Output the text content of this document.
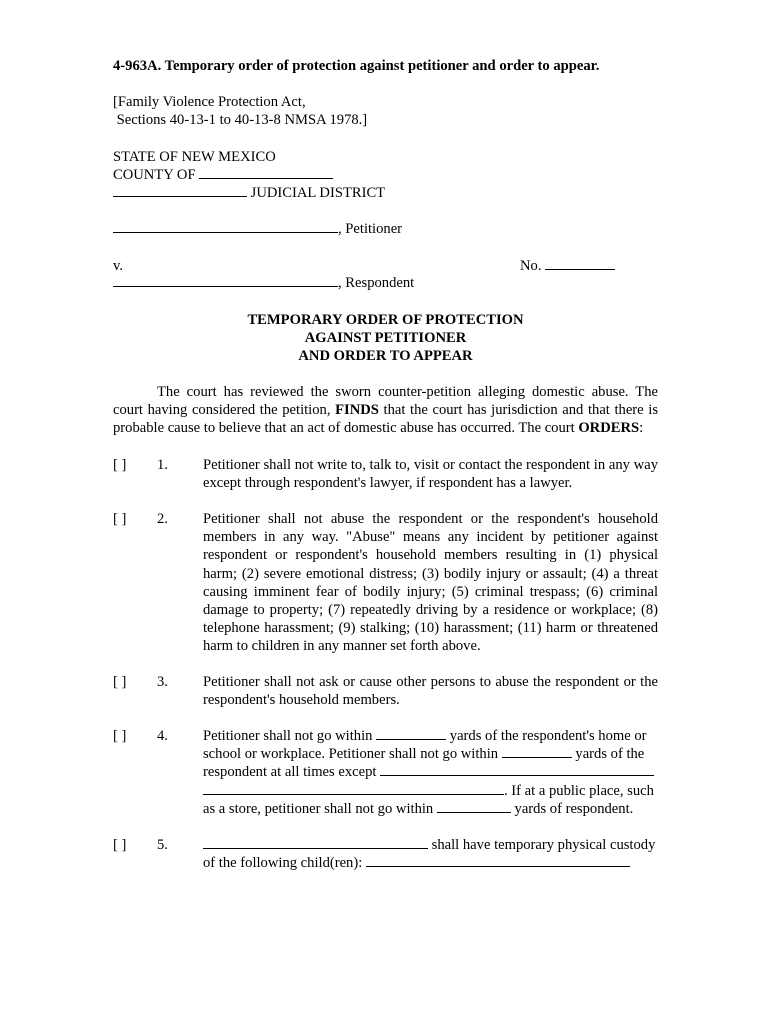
4-963A. Temporary order of protection against petitioner and order to appear.
[Family Violence Protection Act,
Sections 40-13-1 to 40-13-8 NMSA 1978.]
STATE OF NEW MEXICO
COUNTY OF
JUDICIAL DISTRICT
, Petitioner
v.	No.
, Respondent
TEMPORARY ORDER OF PROTECTION
AGAINST PETITIONER
AND ORDER TO APPEAR
The court has reviewed the sworn counter-petition alleging domestic abuse. The
court having considered the petition, FINDS that the court has jurisdiction and that there is
probable cause to believe that an act of domestic abuse has occurred. The court ORDERS:
[ ] 1. Petitioner shall not write to, talk to, visit or contact the respondent in any way
except through respondent's lawyer, if respondent has a lawyer.
[ ] 2. Petitioner shall not abuse the respondent or the respondent's household
members in any way. "Abuse" means any incident by petitioner against
respondent or respondent's household members resulting in (1) physical
harm; (2) severe emotional distress; (3) bodily injury or assault; (4) a threat
causing imminent fear of bodily injury; (5) criminal trespass; (6) criminal
damage to property; (7) repeatedly driving by a residence or workplace; (8)
telephone harassment; (9) stalking; (10) harassment; (11) harm or threatened
harm to children in any manner set forth above.
[ ] 3. Petitioner shall not ask or cause other persons to abuse the respondent or the
respondent's household members.
[ ] 4. Petitioner shall not go within	yards of the respondent's home or
school or workplace. Petitioner shall not go within	yards of the
respondent at all times except
. If at a public place, such
as a store, petitioner shall not go within	yards of respondent.
[ ] 5.	shall have temporary physical custody
of the following child(ren):
